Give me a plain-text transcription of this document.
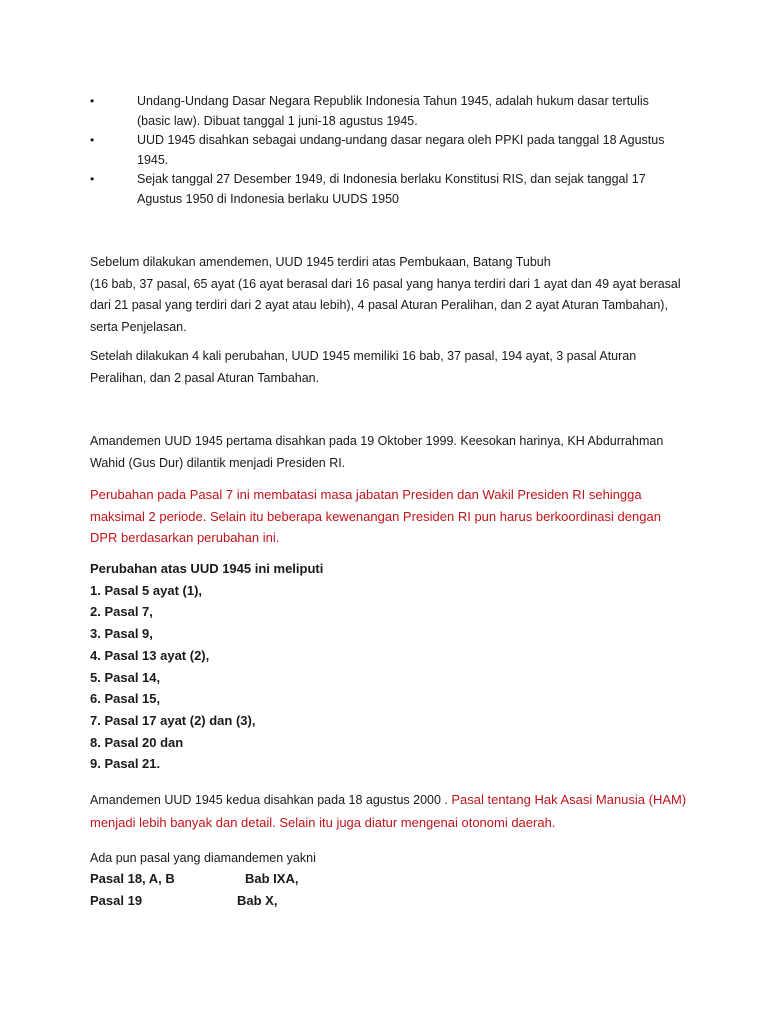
•	Undang-Undang Dasar Negara Republik Indonesia Tahun 1945, adalah hukum dasar tertulis
(basic law). Dibuat tanggal 1 juni-18 agustus 1945.
•	UUD 1945 disahkan sebagai undang-undang dasar negara oleh PPKI pada tanggal 18 Agustus
1945.
•	Sejak tanggal 27 Desember 1949, di Indonesia berlaku Konstitusi RIS, dan sejak tanggal 17
Agustus 1950 di Indonesia berlaku UUDS 1950
Sebelum dilakukan amendemen, UUD 1945 terdiri atas Pembukaan, Batang Tubuh
(16 bab, 37 pasal, 65 ayat (16 ayat berasal dari 16 pasal yang hanya terdiri dari 1 ayat dan 49 ayat berasal
dari 21 pasal yang terdiri dari 2 ayat atau lebih), 4 pasal Aturan Peralihan, dan 2 ayat Aturan Tambahan),
serta Penjelasan.
Setelah dilakukan 4 kali perubahan, UUD 1945 memiliki 16 bab, 37 pasal, 194 ayat, 3 pasal Aturan
Peralihan, dan 2 pasal Aturan Tambahan.
Amandemen UUD 1945 pertama disahkan pada 19 Oktober 1999. Keesokan harinya, KH Abdurrahman
Wahid (Gus Dur) dilantik menjadi Presiden RI.
Perubahan pada Pasal 7 ini membatasi masa jabatan Presiden dan Wakil Presiden RI sehingga
maksimal 2 periode. Selain itu beberapa kewenangan Presiden RI pun harus berkoordinasi dengan
DPR berdasarkan perubahan ini.
Perubahan atas UUD 1945 ini meliputi
1. Pasal 5 ayat (1),
2. Pasal 7,
3. Pasal 9,
4. Pasal 13 ayat (2),
5. Pasal 14,
6. Pasal 15,
7. Pasal 17 ayat (2) dan (3),
8. Pasal 20 dan
9. Pasal 21.
Amandemen UUD 1945 kedua disahkan pada 18 agustus 2000 . Pasal tentang Hak Asasi Manusia (HAM)
menjadi lebih banyak dan detail. Selain itu juga diatur mengenai otonomi daerah.
Ada pun pasal yang diamandemen yakni
Pasal 18, A, B	Bab IXA,
Pasal 19	Bab X,
